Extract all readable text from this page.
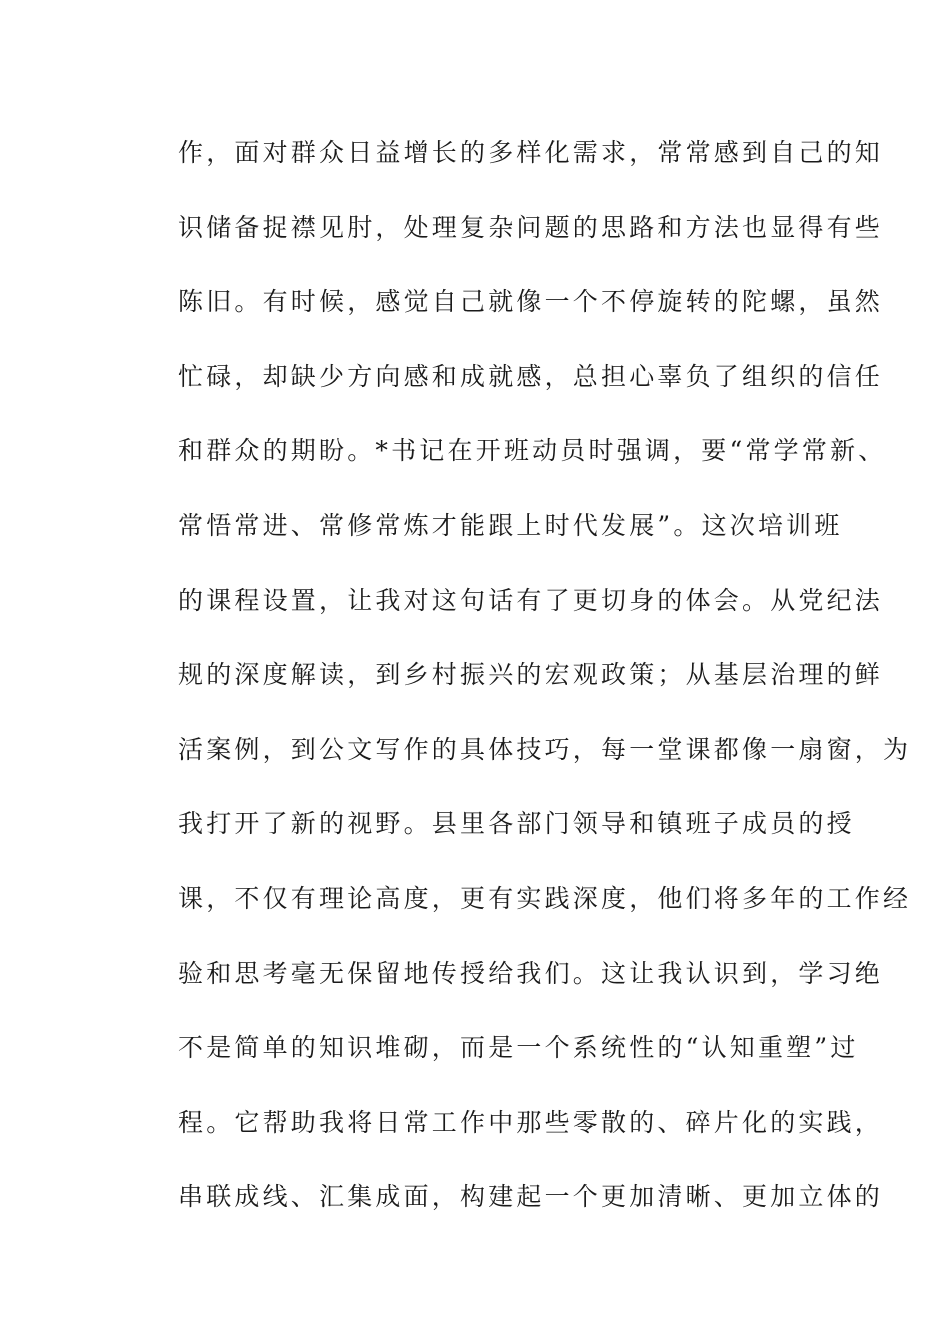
作，面对群众日益增长的多样化需求，常常感到自己的知
识储备捉襟见肘，处理复杂问题的思路和方法也显得有些
陈旧。有时候，感觉自己就像一个不停旋转的陀螺，虽然
忙碌，却缺少方向感和成就感，总担心辜负了组织的信任
和群众的期盼。*书记在开班动员时强调，要“常学常新、
常悟常进、常修常炼才能跟上时代发展”。这次培训班
的课程设置，让我对这句话有了更切身的体会。从党纪法
规的深度解读，到乡村振兴的宏观政策；从基层治理的鲜
活案例，到公文写作的具体技巧，每一堂课都像一扇窗，为
我打开了新的视野。县里各部门领导和镇班子成员的授
课，不仅有理论高度，更有实践深度，他们将多年的工作经
验和思考毫无保留地传授给我们。这让我认识到，学习绝
不是简单的知识堆砌，而是一个系统性的“认知重塑”过
程。它帮助我将日常工作中那些零散的、碎片化的实践，
串联成线、汇集成面，构建起一个更加清晰、更加立体的
